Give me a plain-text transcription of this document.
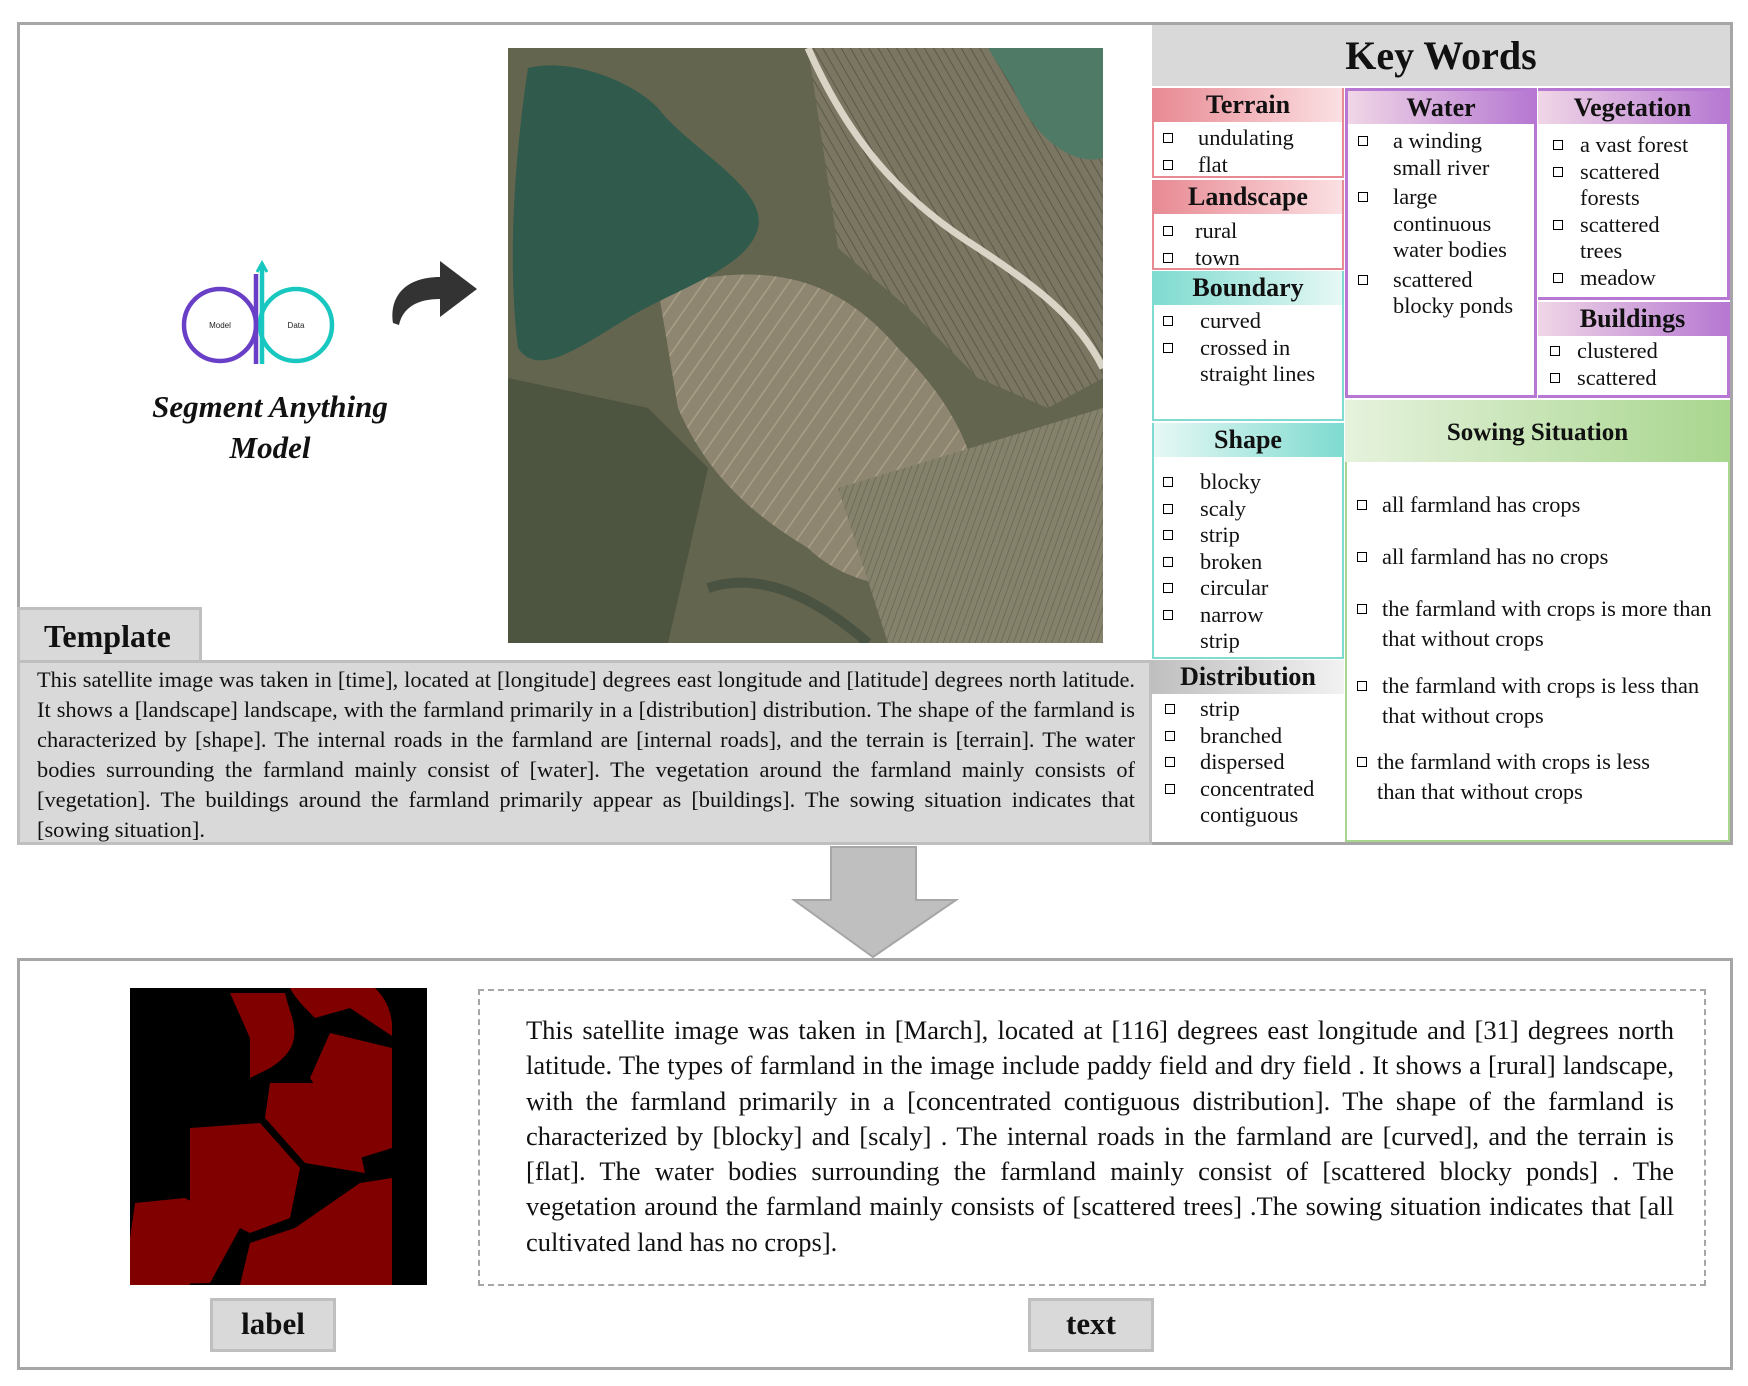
Model	Data
Segment Anything
Model
Template
This satellite image was taken in [time], located at [longitude] degrees east longitude and [latitude] degrees north latitude. It shows a [landscape] landscape, with the farmland primarily in a [distribution] distribution. The shape of the farmland is characterized by [shape]. The internal roads in the farmland are [internal roads], and the terrain is [terrain]. The water bodies surrounding the farmland mainly consist of [water]. The vegetation around the farmland mainly consists of [vegetation]. The buildings around the farmland primarily appear as [buildings]. The sowing situation indicates that [sowing situation].
Key Words
Terrain
undulating
flat
Landscape
rural
town
Boundary
curved
crossed in straight lines
Shape
blocky
scaly
strip
broken
circular
narrow strip
Distribution
strip
branched
dispersed
concentrated contiguous
Water
a winding small river
large continuous water bodies
scattered blocky ponds
Vegetation
a vast forest
scattered forests
scattered trees
meadow
Buildings
clustered
scattered
all farmland has crops
all farmland has no crops
the farmland with crops is more than that without crops
the farmland with crops is less than that without crops
the farmland with crops is less than that without crops
Sowing Situation
This satellite image was taken in [March], located at [116] degrees east longitude and [31] degrees north latitude. The types of farmland in the image include paddy field and dry field . It shows a [rural] landscape, with the farmland primarily in a [concentrated contiguous distribution]. The shape of the farmland is characterized by [blocky] and [scaly] . The internal roads in the farmland are [curved], and the terrain is [flat]. The water bodies surrounding the farmland mainly consist of [scattered blocky ponds] . The vegetation around the farmland mainly consists of [scattered trees] .The sowing situation indicates that [all cultivated land has no crops].
label	text
